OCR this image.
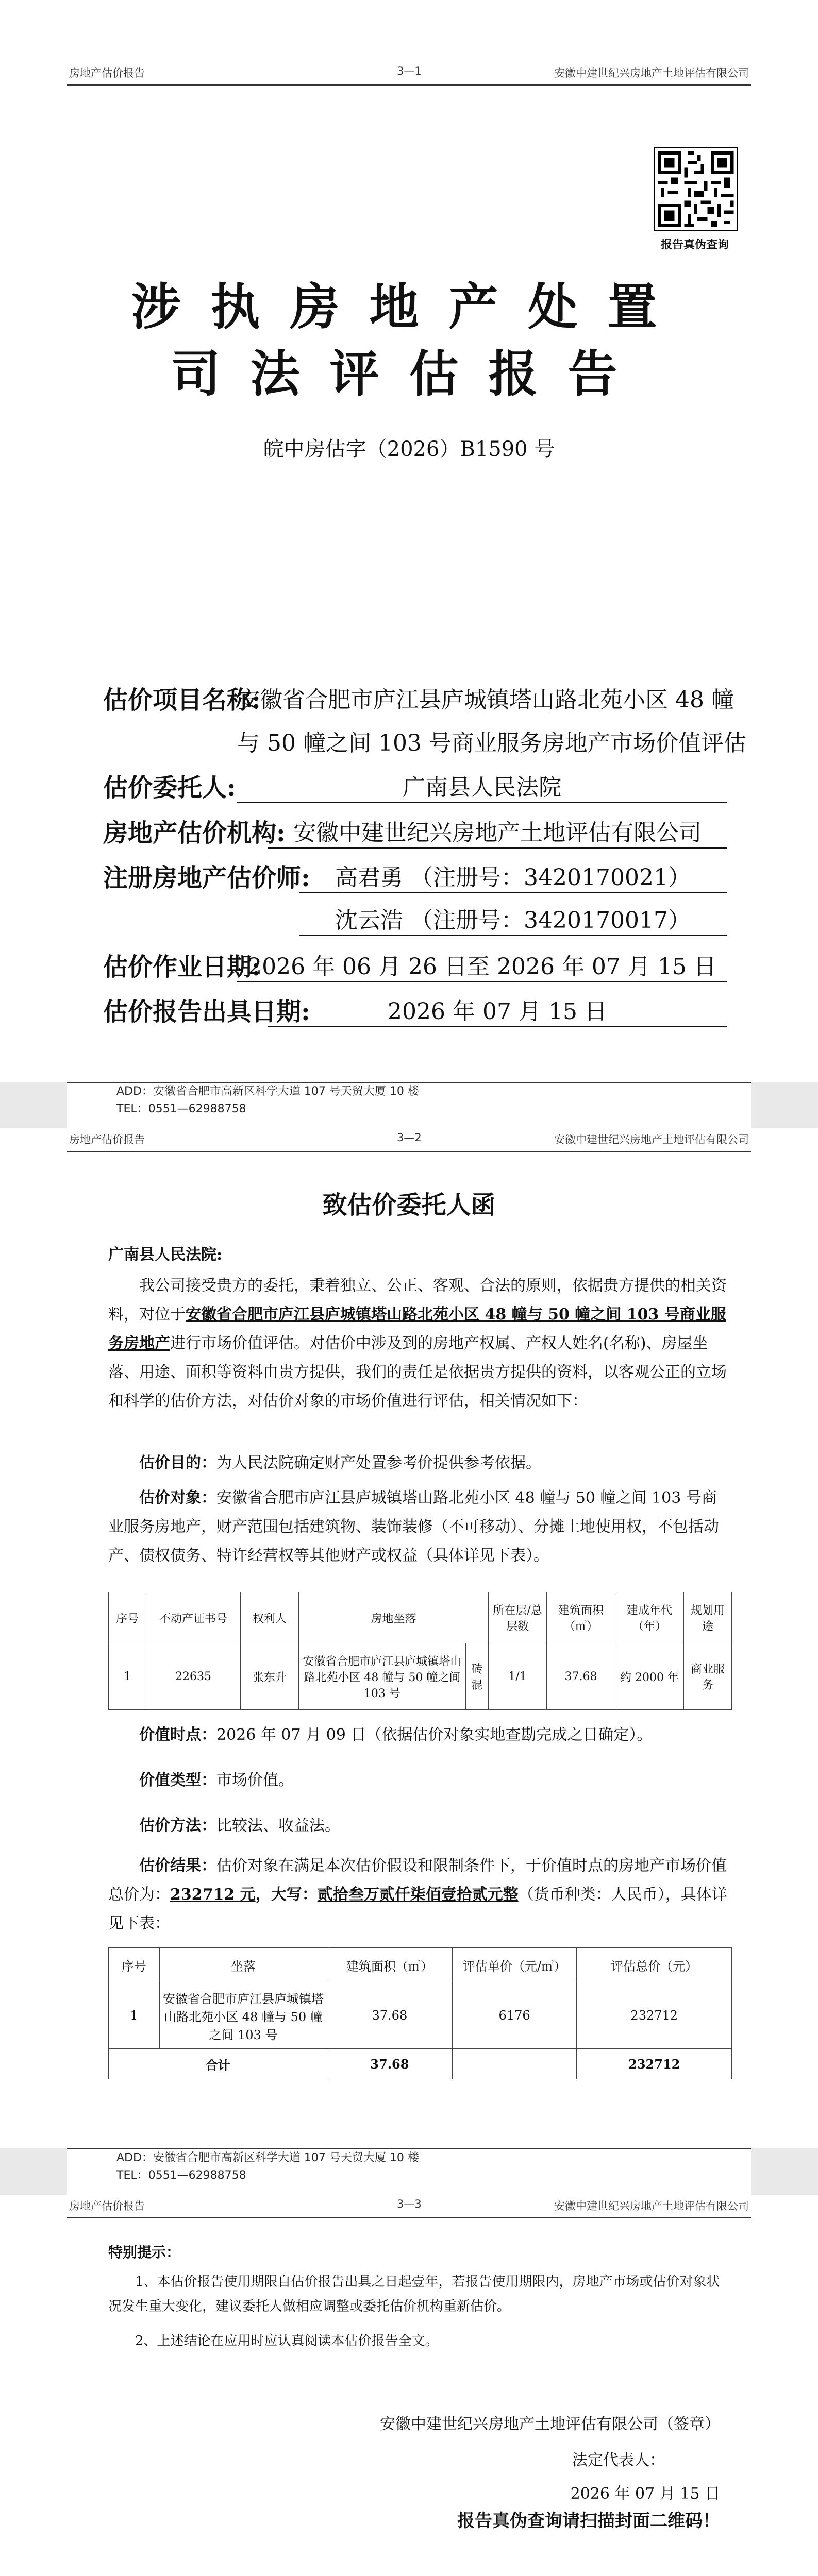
房地产估价报告	3—1	安徽中建世纪兴房地产土地评估有限公司
报告真伪查询
涉执房地产处置
司法评估报告
皖中房估字（2026）B1590 号
估价项目名称:
安徽省合肥市庐江县庐城镇塔山路北苑小区 48 幢
与 50 幢之间 103 号商业服务房地产市场价值评估
估价委托人:	广南县人民法院
房地产估价机构: 安徽中建世纪兴房地产土地评估有限公司
注册房地产估价师:	高君勇 （注册号：3420170021）
沈云浩 （注册号：3420170017）
估价作业日期:
2026 年 06 月 26 日至 2026 年 07 月 15 日
估价报告出具日期:	2026 年 07 月 15 日
ADD：安徽省合肥市高新区科学大道 107 号天贸大厦 10 楼
TEL：0551—62988758
房地产估价报告	3—2	安徽中建世纪兴房地产土地评估有限公司
致估价委托人函
广南县人民法院:
我公司接受贵方的委托，秉着独立、公正、客观、合法的原则，依据贵方提供的相关资料，对位于安徽省合肥市庐江县庐城镇塔山路北苑小区 48 幢与 50 幢之间 103 号商业服务房地产进行市场价值评估。对估价中涉及到的房地产权属、产权人姓名(名称)、房屋坐落、用途、面积等资料由贵方提供，我们的责任是依据贵方提供的资料，以客观公正的立场和科学的估价方法，对估价对象的市场价值进行评估，相关情况如下：
估价目的：为人民法院确定财产处置参考价提供参考依据。
估价对象：安徽省合肥市庐江县庐城镇塔山路北苑小区 48 幢与 50 幢之间 103 号商业服务房地产，财产范围包括建筑物、装饰装修（不可移动）、分摊土地使用权，不包括动产、债权债务、特许经营权等其他财产或权益（具体详见下表）。
序号	不动产证书号	权利人	房地坐落		所在层/总层数	建筑面积（㎡）	建成年代（年）	规划用途
1	22635	张东升	安徽省合肥市庐江县庐城镇塔山路北苑小区 48 幢与 50 幢之间 103 号	砖混	1/1	37.68	约 2000 年	商业服务
价值时点：2026 年 07 月 09 日（依据估价对象实地查勘完成之日确定）。
价值类型：市场价值。
估价方法：比较法、收益法。
估价结果：估价对象在满足本次估价假设和限制条件下，于价值时点的房地产市场价值总价为：232712 元，大写：贰拾叁万贰仟柒佰壹拾贰元整（货币种类：人民币），具体详见下表：
序号	坐落	建筑面积（㎡）	评估单价（元/㎡）	评估总价（元）
1	安徽省合肥市庐江县庐城镇塔山路北苑小区 48 幢与 50 幢之间 103 号	37.68	6176	232712
合计		37.68		232712
ADD：安徽省合肥市高新区科学大道 107 号天贸大厦 10 楼
TEL：0551—62988758
房地产估价报告	3—3	安徽中建世纪兴房地产土地评估有限公司
特别提示：
1、本估价报告使用期限自估价报告出具之日起壹年，若报告使用期限内，房地产市场或估价对象状况发生重大变化，建议委托人做相应调整或委托估价机构重新估价。
2、上述结论在应用时应认真阅读本估价报告全文。
安徽中建世纪兴房地产土地评估有限公司（签章）
法定代表人：
2026 年 07 月 15 日
报告真伪查询请扫描封面二维码！
